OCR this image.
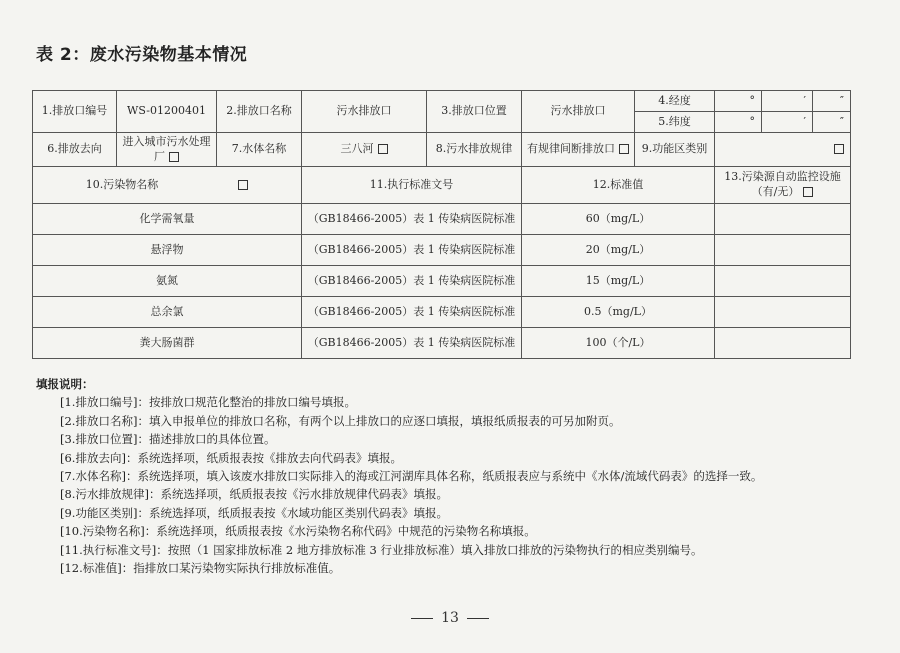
表 2：废水污染物基本情况
1.排放口编号	WS-01200401	2.排放口名称	污水排放口	3.排放口位置	污水排放口	4.经度	°	′	″
						5.纬度	°	′	″
6.排放去向	进入城市污水处理厂	7.水体名称	三八河	8.污水排放规律	有规律间断排放口	9.功能区类别			
10.污染物名称			11.执行标准文号		12.标准值		13.污染源自动监控设施（有/无）		
化学需氧量			（GB18466-2005）表 1 传染病医院标准		60（mg/L）				
悬浮物			（GB18466-2005）表 1 传染病医院标准		20（mg/L）				
氨氮			（GB18466-2005）表 1 传染病医院标准		15（mg/L）				
总余氯			（GB18466-2005）表 1 传染病医院标准		0.5（mg/L）				
粪大肠菌群			（GB18466-2005）表 1 传染病医院标准		100（个/L）				
填报说明：
[1.排放口编号]：按排放口规范化整治的排放口编号填报。
[2.排放口名称]：填入申报单位的排放口名称，有两个以上排放口的应逐口填报，填报纸质报表的可另加附页。
[3.排放口位置]：描述排放口的具体位置。
[6.排放去向]：系统选择项，纸质报表按《排放去向代码表》填报。
[7.水体名称]：系统选择项，填入该废水排放口实际排入的海或江河湖库具体名称，纸质报表应与系统中《水体/流域代码表》的选择一致。
[8.污水排放规律]：系统选择项，纸质报表按《污水排放规律代码表》填报。
[9.功能区类别]：系统选择项，纸质报表按《水域功能区类别代码表》填报。
[10.污染物名称]：系统选择项，纸质报表按《水污染物名称代码》中规范的污染物名称填报。
[11.执行标准文号]：按照（1 国家排放标准 2 地方排放标准 3 行业排放标准）填入排放口排放的污染物执行的相应类别编号。
[12.标准值]：指排放口某污染物实际执行排放标准值。
13
